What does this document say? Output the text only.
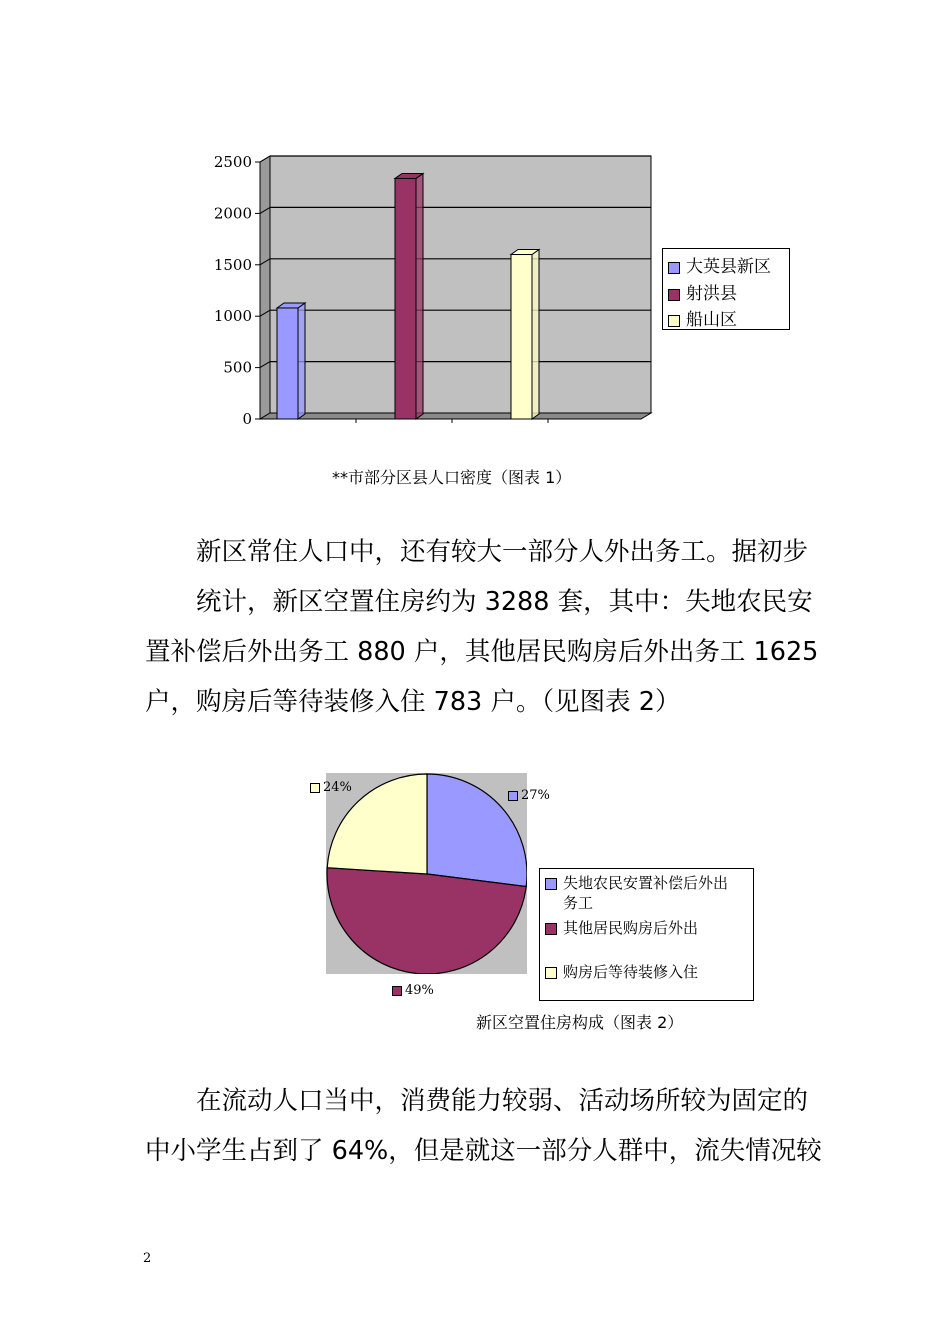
0
500
1000
1500
2000
2500
大英县新区
射洪县
船山区
**市部分区县人口密度（图表 1）
新区常住人口中，还有较大一部分人外出务工。据初步
统计，新区空置住房约为 3288 套，其中：失地农民安
置补偿后外出务工 880 户，其他居民购房后外出务工 1625
户，购房后等待装修入住 783 户。（见图表 2）
24%
27%
49%
失地农民安置补偿后外出
务工
其他居民购房后外出
购房后等待装修入住
新区空置住房构成（图表 2）
在流动人口当中，消费能力较弱、活动场所较为固定的
中小学生占到了 64%，但是就这一部分人群中，流失情况较
2
